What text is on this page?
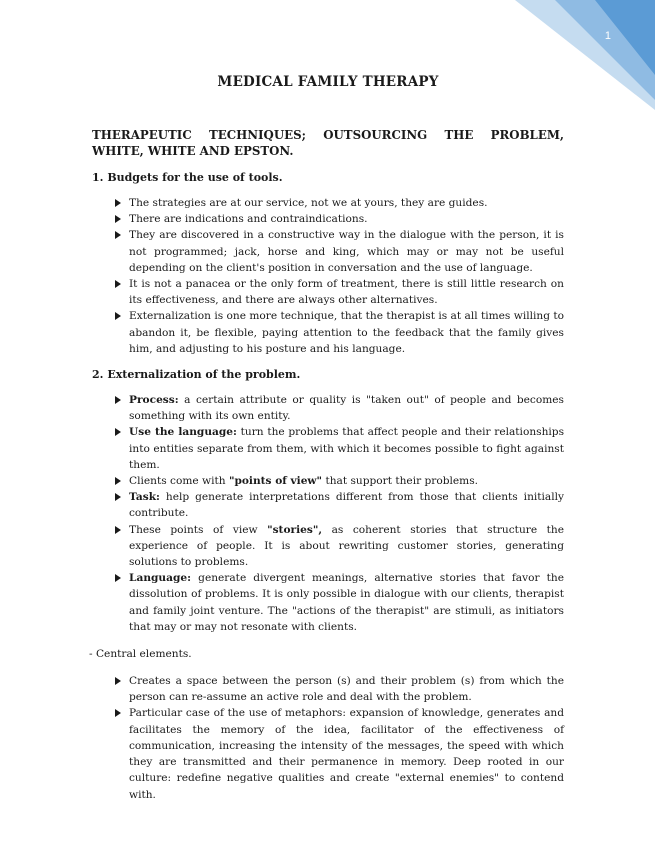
1
MEDICAL FAMILY THERAPY
THERAPEUTIC TECHNIQUES; OUTSOURCING THE PROBLEM, WHITE, WHITE AND EPSTON.
1. Budgets for the use of tools.
The strategies are at our service, not we at yours, they are guides.
There are indications and contraindications.
They are discovered in a constructive way in the dialogue with the person, it is not programmed; jack, horse and king, which may or may not be useful depending on the client's position in conversation and the use of language.
It is not a panacea or the only form of treatment, there is still little research on its effectiveness, and there are always other alternatives.
Externalization is one more technique, that the therapist is at all times willing to abandon it, be flexible, paying attention to the feedback that the family gives him, and adjusting to his posture and his language.
2. Externalization of the problem.
Process: a certain attribute or quality is "taken out" of people and becomes something with its own entity.
Use the language: turn the problems that affect people and their relationships into entities separate from them, with which it becomes possible to fight against them.
Clients come with "points of view" that support their problems.
Task: help generate interpretations different from those that clients initially contribute.
These points of view "stories", as coherent stories that structure the experience of people. It is about rewriting customer stories, generating solutions to problems.
Language: generate divergent meanings, alternative stories that favor the dissolution of problems. It is only possible in dialogue with our clients, therapist and family joint venture. The "actions of the therapist" are stimuli, as initiators that may or may not resonate with clients.
- Central elements.
Creates a space between the person (s) and their problem (s) from which the person can re-assume an active role and deal with the problem.
Particular case of the use of metaphors: expansion of knowledge, generates and facilitates the memory of the idea, facilitator of the effectiveness of communication, increasing the intensity of the messages, the speed with which they are transmitted and their permanence in memory. Deep rooted in our culture: redefine negative qualities and create "external enemies" to contend with.
